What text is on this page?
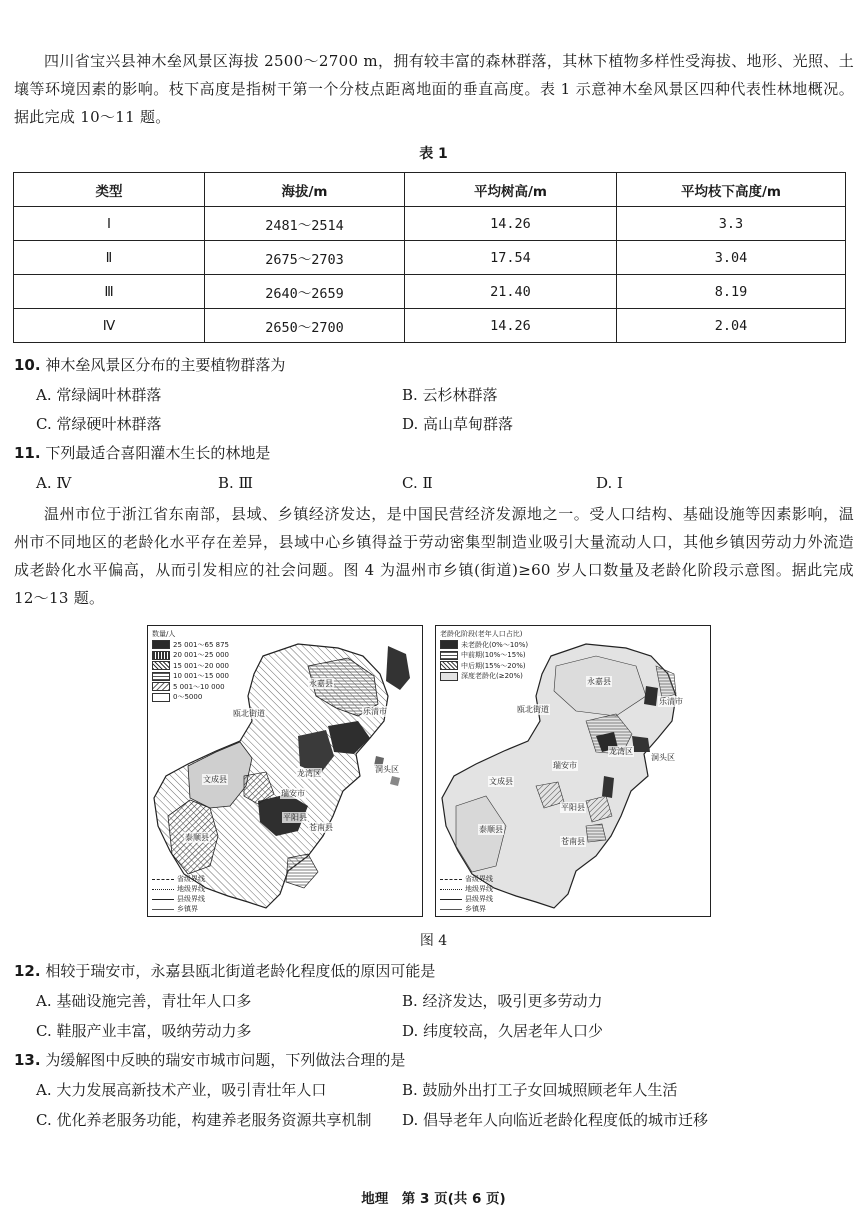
四川省宝兴县神木垒风景区海拔 2500～2700 m，拥有较丰富的森林群落，其林下植物多样性受海拔、地形、光照、土壤等环境因素的影响。枝下高度是指树干第一个分枝点距离地面的垂直高度。表 1 示意神木垒风景区四种代表性林地概况。据此完成 10～11 题。
表 1
类型	海拔/m	平均树高/m	平均枝下高度/m
Ⅰ	2481～2514	14.26	3.3
Ⅱ	2675～2703	17.54	3.04
Ⅲ	2640～2659	21.40	8.19
Ⅳ	2650～2700	14.26	2.04
10. 神木垒风景区分布的主要植物群落为
A. 常绿阔叶林群落	B. 云杉林群落
C. 常绿硬叶林群落	D. 高山草甸群落
11. 下列最适合喜阳灌木生长的林地是
A. Ⅳ	B. Ⅲ	C. Ⅱ	D. Ⅰ
温州市位于浙江省东南部，县域、乡镇经济发达，是中国民营经济发源地之一。受人口结构、基础设施等因素影响，温州市不同地区的老龄化水平存在差异，县域中心乡镇得益于劳动密集型制造业吸引大量流动人口，其他乡镇因劳动力外流造成老龄化水平偏高，从而引发相应的社会问题。图 4 为温州市乡镇(街道)≥60 岁人口数量及老龄化阶段示意图。据此完成 12～13 题。
数量/人
25 001～65 875
20 001～25 000
15 001～20 000
10 001～15 000
5 001～10 000
0～5000
永嘉县
瓯北街道	乐清市
龙湾区	洞头区
瑞安市
文成县
平阳县
泰顺县
苍南县
省级界线
地级界线
县级界线
乡镇界
老龄化阶段(老年人口占比)
未老龄化(0%～10%)
中前期(10%～15%)
中后期(15%～20%)
深度老龄化(≥20%)
永嘉县
瓯北街道
乐清市
龙湾区
洞头区
瑞安市
文成县
平阳县
泰顺县
苍南县
省级界线
地级界线
县级界线
乡镇界
图 4
12. 相较于瑞安市，永嘉县瓯北街道老龄化程度低的原因可能是
A. 基础设施完善，青壮年人口多	B. 经济发达，吸引更多劳动力
C. 鞋服产业丰富，吸纳劳动力多	D. 纬度较高，久居老年人口少
13. 为缓解图中反映的瑞安市城市问题，下列做法合理的是
A. 大力发展高新技术产业，吸引青壮年人口	B. 鼓励外出打工子女回城照顾老年人生活
C. 优化养老服务功能，构建养老服务资源共享机制 D. 倡导老年人向临近老龄化程度低的城市迁移
地理　第 3 页(共 6 页)
